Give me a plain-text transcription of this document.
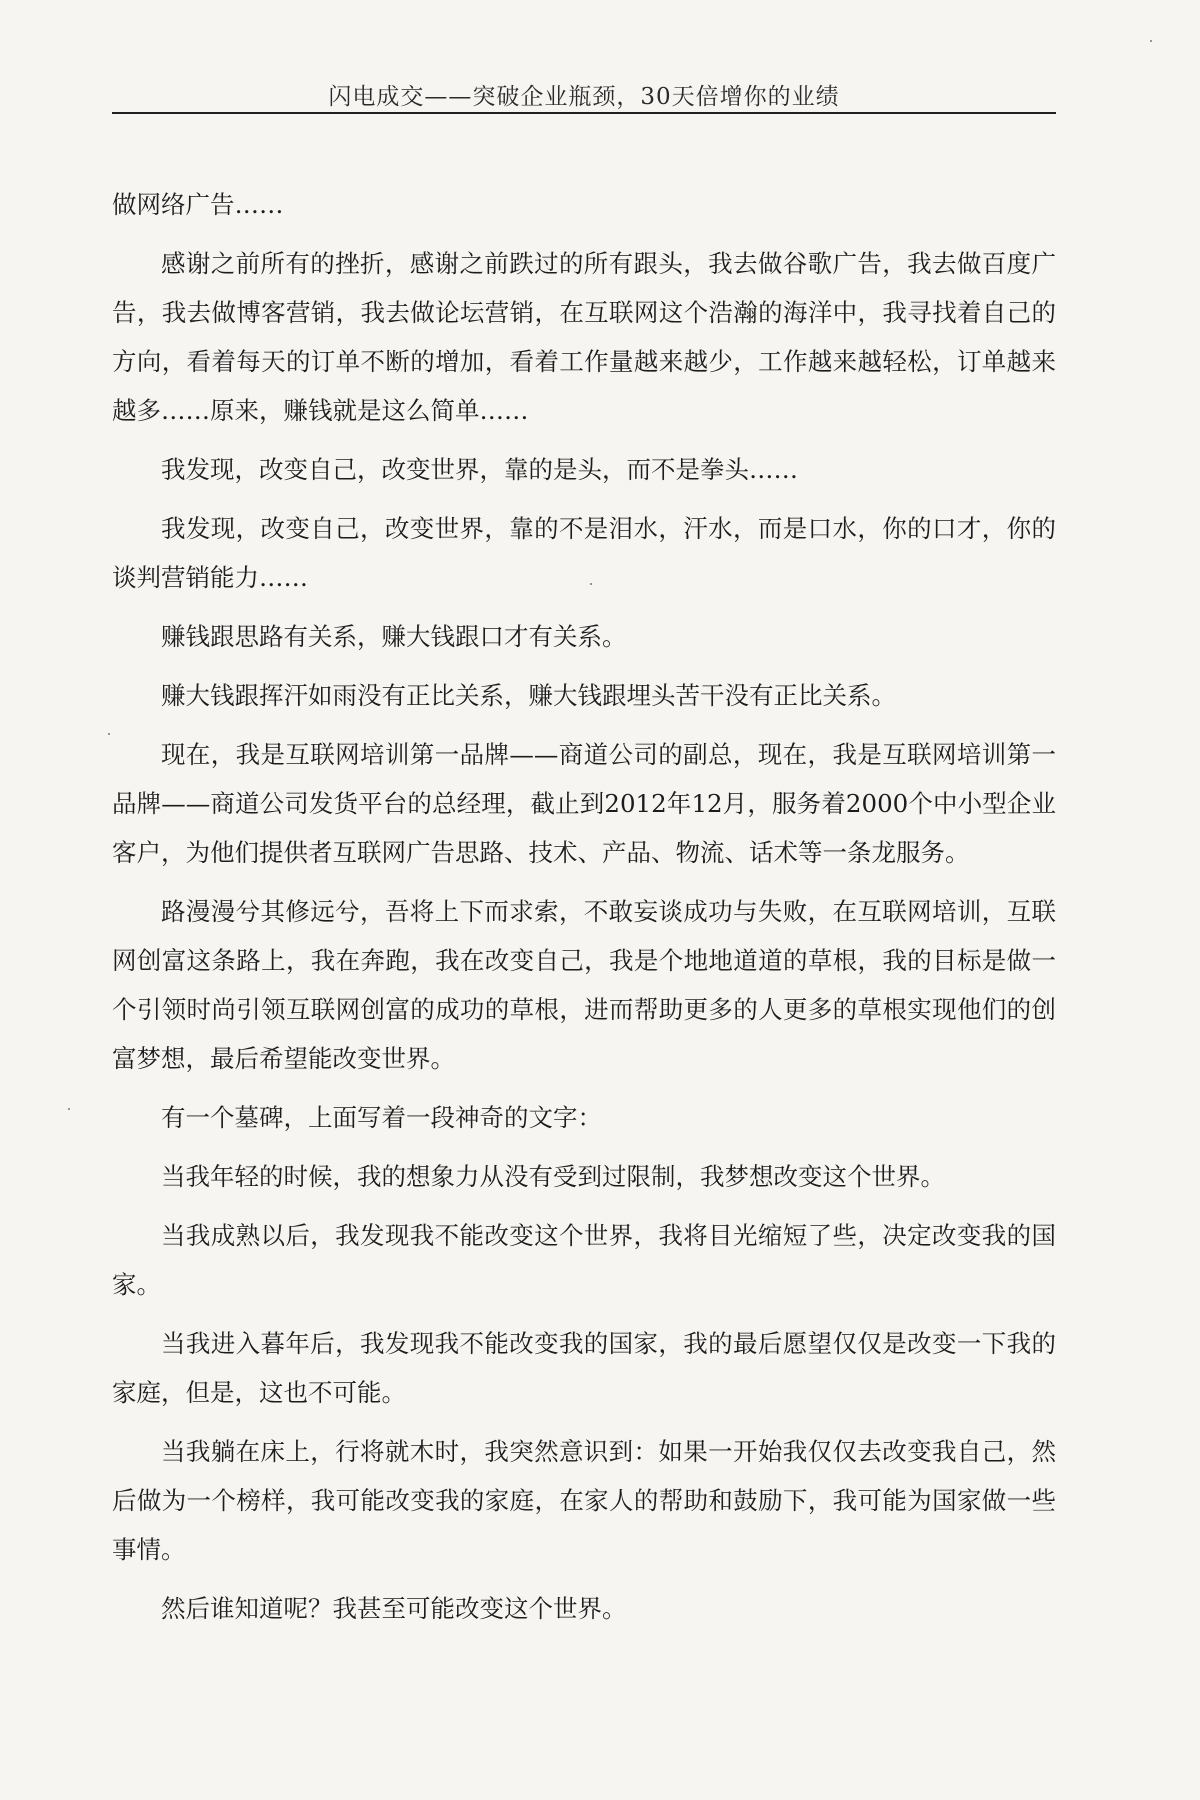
闪电成交——突破企业瓶颈，30天倍增你的业绩

做网络广告……

感谢之前所有的挫折，感谢之前跌过的所有跟头，我去做谷歌广告，我去做百度广告，我去做博客营销，我去做论坛营销，在互联网这个浩瀚的海洋中，我寻找着自己的方向，看着每天的订单不断的增加，看着工作量越来越少，工作越来越轻松，订单越来越多……原来，赚钱就是这么简单……

我发现，改变自己，改变世界，靠的是头，而不是拳头……

我发现，改变自己，改变世界，靠的不是泪水，汗水，而是口水，你的口才，你的谈判营销能力……

赚钱跟思路有关系，赚大钱跟口才有关系。

赚大钱跟挥汗如雨没有正比关系，赚大钱跟埋头苦干没有正比关系。

现在，我是互联网培训第一品牌——商道公司的副总，现在，我是互联网培训第一品牌——商道公司发货平台的总经理，截止到2012年12月，服务着2000个中小型企业客户，为他们提供者互联网广告思路、技术、产品、物流、话术等一条龙服务。

路漫漫兮其修远兮，吾将上下而求索，不敢妄谈成功与失败，在互联网培训，互联网创富这条路上，我在奔跑，我在改变自己，我是个地地道道的草根，我的目标是做一个引领时尚引领互联网创富的成功的草根，进而帮助更多的人更多的草根实现他们的创富梦想，最后希望能改变世界。

有一个墓碑，上面写着一段神奇的文字：

当我年轻的时候，我的想象力从没有受到过限制，我梦想改变这个世界。

当我成熟以后，我发现我不能改变这个世界，我将目光缩短了些，决定改变我的国家。

当我进入暮年后，我发现我不能改变我的国家，我的最后愿望仅仅是改变一下我的家庭，但是，这也不可能。

当我躺在床上，行将就木时，我突然意识到：如果一开始我仅仅去改变我自己，然后做为一个榜样，我可能改变我的家庭，在家人的帮助和鼓励下，我可能为国家做一些事情。

然后谁知道呢？我甚至可能改变这个世界。
